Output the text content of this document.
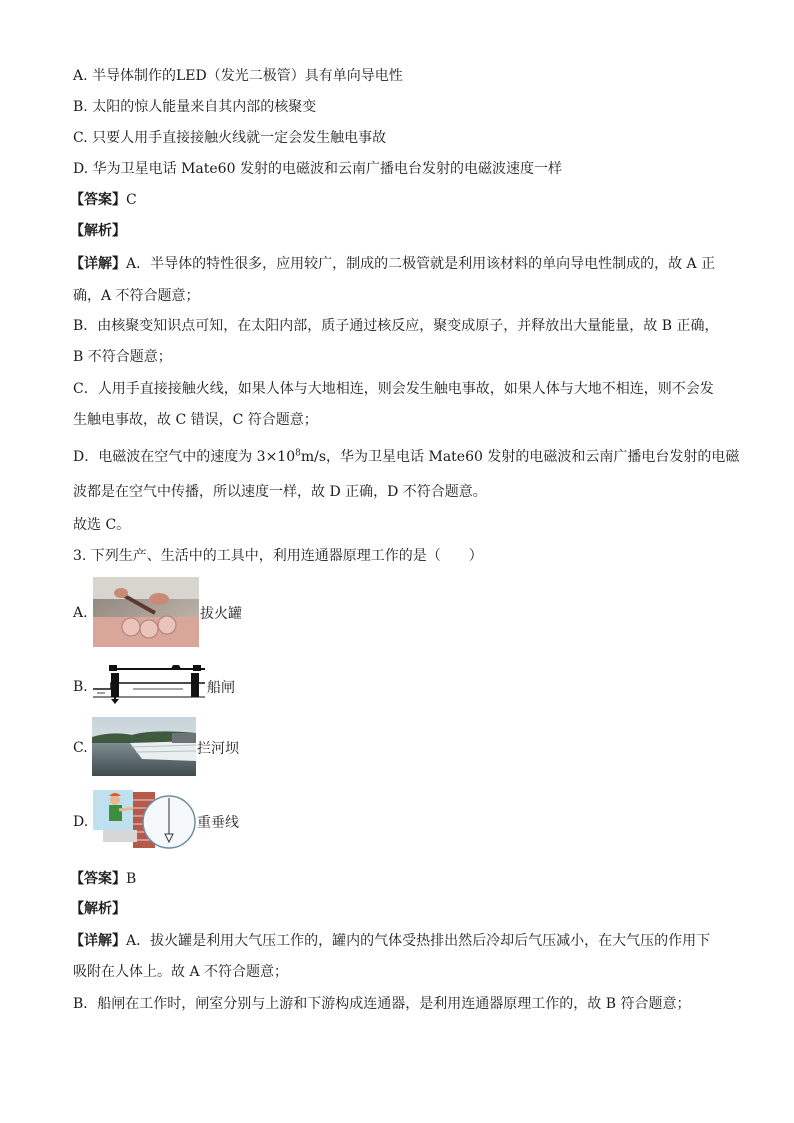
A. 半导体制作的LED（发光二极管）具有单向导电性
B. 太阳的惊人能量来自其内部的核聚变
C. 只要人用手直接接触火线就一定会发生触电事故
D. 华为卫星电话 Mate60 发射的电磁波和云南广播电台发射的电磁波速度一样
【答案】C
【解析】
【详解】A．半导体的特性很多，应用较广，制成的二极管就是利用该材料的单向导电性制成的，故 A 正
确，A 不符合题意；
B．由核聚变知识点可知，在太阳内部，质子通过核反应，聚变成原子，并释放出大量能量，故 B 正确，
B 不符合题意；
C．人用手直接接触火线，如果人体与大地相连，则会发生触电事故，如果人体与大地不相连，则不会发
生触电事故，故 C 错误，C 符合题意；
D．电磁波在空气中的速度为 $3\times 10^8m/s$，华为卫星电话 Mate60 发射的电磁波和云南广播电台发射的电磁
波都是在空气中传播，所以速度一样，故 D 正确，D 不符合题意。
故选 C。
3. 下列生产、生活中的工具中，利用连通器原理工作的是（　　）
A.	拔火罐
B.	船闸
C.	拦河坝
D.	重垂线
【答案】B
【解析】
【详解】A．拔火罐是利用大气压工作的，罐内的气体受热排出然后冷却后气压减小，在大气压的作用下
吸附在人体上。故 A 不符合题意；
B．船闸在工作时，闸室分别与上游和下游构成连通器，是利用连通器原理工作的，故 B 符合题意；
